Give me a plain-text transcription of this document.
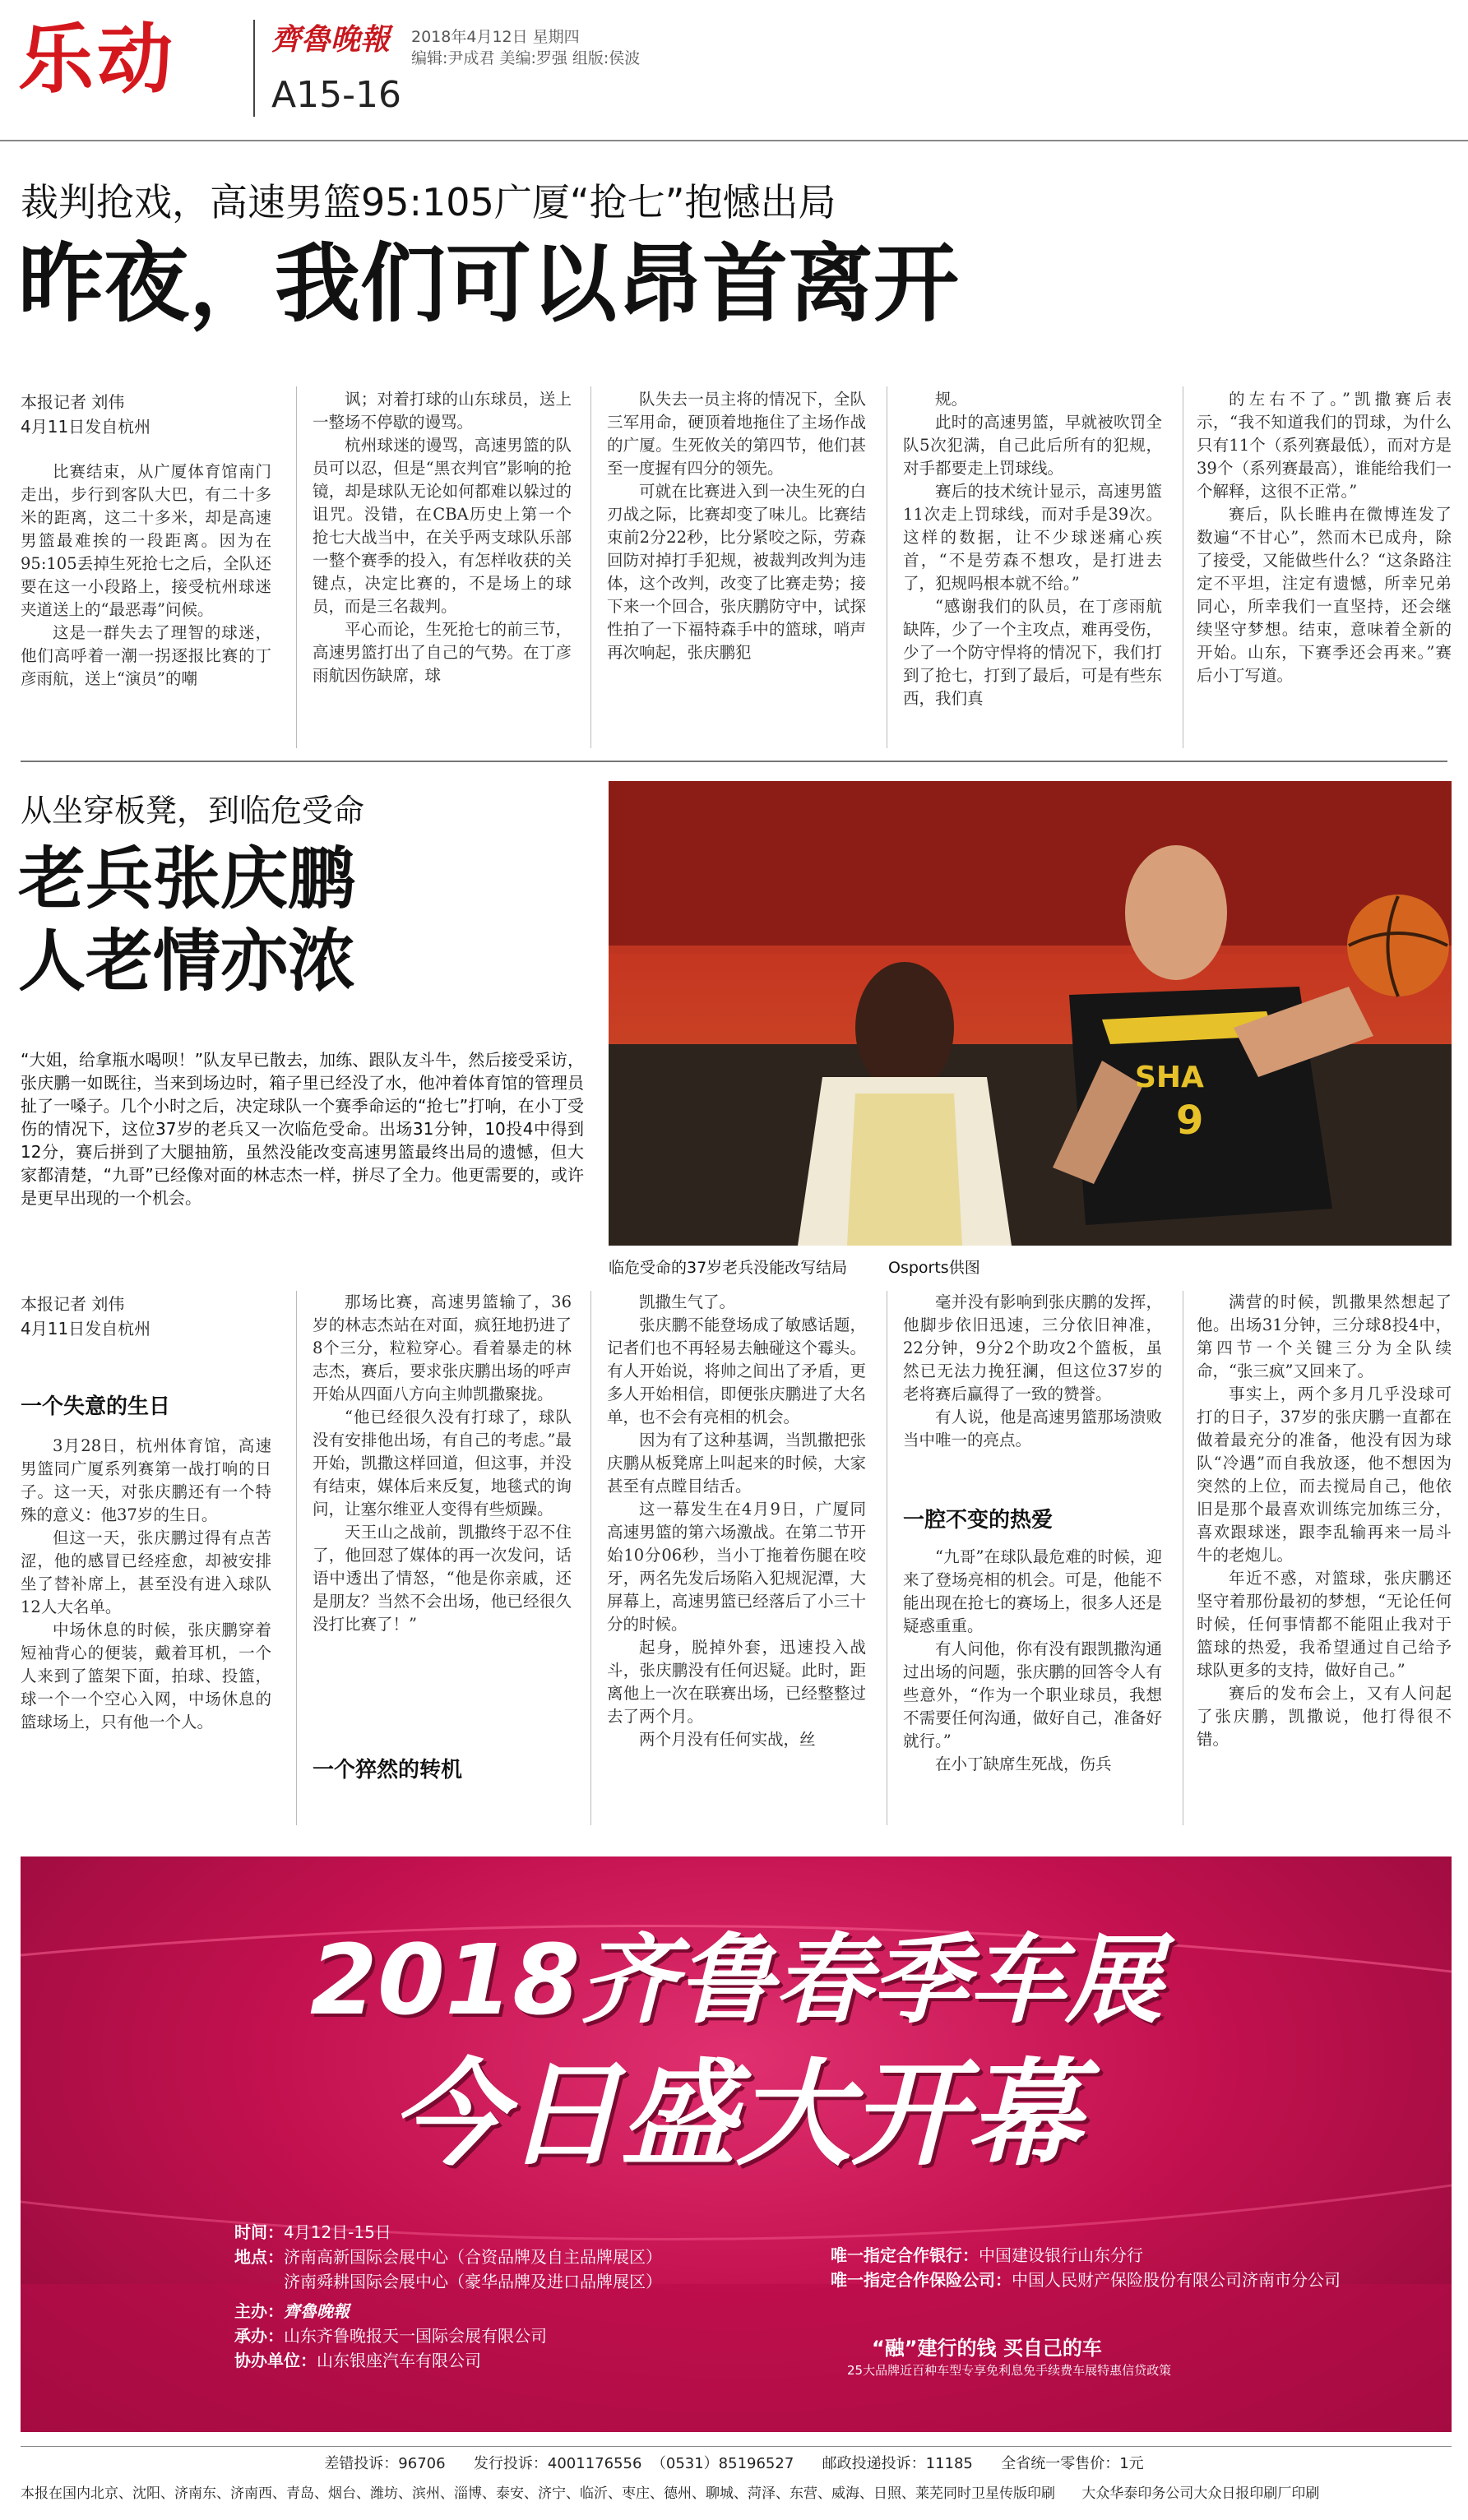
乐动	齊魯晚報
A15-16
2018年4月12日 星期四
编辑:尹成君 美编:罗强 组版:侯波
裁判抢戏，高速男篮95:105广厦“抢七”抱憾出局
昨夜，我们可以昂首离开
本报记者 刘伟
4月11日发自杭州

比赛结束，从广厦体育馆南门走出，步行到客队大巴，有二十多米的距离，这二十多米，却是高速男篮最难挨的一段距离。因为在95:105丢掉生死抢七之后，全队还要在这一小段路上，接受杭州球迷夹道送上的“最恶毒”问候。

这是一群失去了理智的球迷，他们高呼着一潮一拐逐报比赛的丁彦雨航，送上“演员”的嘲

讽；对着打球的山东球员，送上一整场不停歇的谩骂。

杭州球迷的谩骂，高速男篮的队员可以忍，但是“黑衣判官”影响的抢镜，却是球队无论如何都难以躲过的诅咒。没错，在CBA历史上第一个抢七大战当中，在关乎两支球队乐部一整个赛季的投入，有怎样收获的关键点，决定比赛的，不是场上的球员，而是三名裁判。

平心而论，生死抢七的前三节，高速男篮打出了自己的气势。在丁彦雨航因伤缺席，球

队失去一员主将的情况下，全队三军用命，硬顶着地拖住了主场作战的广厦。生死攸关的第四节，他们甚至一度握有四分的领先。

可就在比赛进入到一决生死的白刃战之际，比赛却变了味儿。比赛结束前2分22秒，比分紧咬之际，劳森回防对掉打手犯规，被裁判改判为违体，这个改判，改变了比赛走势；接下来一个回合，张庆鹏防守中，试探性拍了一下福特森手中的篮球，哨声再次响起，张庆鹏犯

规。

此时的高速男篮，早就被吹罚全队5次犯满，自己此后所有的犯规，对手都要走上罚球线。

赛后的技术统计显示，高速男篮11次走上罚球线，而对手是39次。这样的数据，让不少球迷痛心疾首，“不是劳森不想攻，是打进去了，犯规吗根本就不给。”

“感谢我们的队员，在丁彦雨航缺阵，少了一个主攻点，难再受伤，少了一个防守悍将的情况下，我们打到了抢七，打到了最后，可是有些东西，我们真

的左右不了。”凯撒赛后表示，“我不知道我们的罚球，为什么只有11个（系列赛最低），而对方是39个（系列赛最高），谁能给我们一个解释，这很不正常。”

赛后，队长睢冉在微博连发了数遍“不甘心”，然而木已成舟，除了接受，又能做些什么？“这条路注定不平坦，注定有遗憾，所幸兄弟同心，所幸我们一直坚持，还会继续坚守梦想。结束，意味着全新的开始。山东，下赛季还会再来。”赛后小丁写道。

从坐穿板凳，到临危受命
老兵张庆鹏
人老情亦浓
“大姐，给拿瓶水喝呗！”队友早已散去，加练、跟队友斗牛，然后接受采访，张庆鹏一如既往，当来到场边时，箱子里已经没了水，他冲着体育馆的管理员扯了一嗓子。几个小时之后，决定球队一个赛季命运的“抢七”打响，在小丁受伤的情况下，这位37岁的老兵又一次临危受命。出场31分钟，10投4中得到12分，赛后拼到了大腿抽筋，虽然没能改变高速男篮最终出局的遗憾，但大家都清楚，“九哥”已经像对面的林志杰一样，拼尽了全力。他更需要的，或许是更早出现的一个机会。
SHA
9
临危受命的37岁老兵没能改写结局	Osports供图
本报记者 刘伟
4月11日发自杭州
一个失意的生日

3月28日，杭州体育馆，高速男篮同广厦系列赛第一战打响的日子。这一天，对张庆鹏还有一个特殊的意义：他37岁的生日。

但这一天，张庆鹏过得有点苦涩，他的感冒已经痊愈，却被安排坐了替补席上，甚至没有进入球队12人大名单。

中场休息的时候，张庆鹏穿着短袖背心的便装，戴着耳机，一个人来到了篮架下面，拍球、投篮，球一个一个空心入网，中场休息的篮球场上，只有他一个人。

那场比赛，高速男篮输了，36岁的林志杰站在对面，疯狂地扔进了8个三分，粒粒穿心。看着暴走的林志杰，赛后，要求张庆鹏出场的呼声开始从四面八方向主帅凯撒聚拢。

“他已经很久没有打球了，球队没有安排他出场，有自己的考虑。”最开始，凯撒这样回道，但这事，并没有结束，媒体后来反复，地毯式的询问，让塞尔维亚人变得有些烦躁。

天王山之战前，凯撒终于忍不住了，他回怼了媒体的再一次发问，话语中透出了情怒，“他是你亲戚，还是朋友？当然不会出场，他已经很久没打比赛了！”

一个猝然的转机

凯撒生气了。

张庆鹏不能登场成了敏感话题，记者们也不再轻易去触碰这个霉头。有人开始说，将帅之间出了矛盾，更多人开始相信，即便张庆鹏进了大名单，也不会有亮相的机会。

因为有了这种基调，当凯撒把张庆鹏从板凳席上叫起来的时候，大家甚至有点瞠目结舌。

这一幕发生在4月9日，广厦同高速男篮的第六场激战。在第二节开始10分06秒，当小丁拖着伤腿在咬牙，两名先发后场陷入犯规泥潭，大屏幕上，高速男篮已经落后了小三十分的时候。

起身，脱掉外套，迅速投入战斗，张庆鹏没有任何迟疑。此时，距离他上一次在联赛出场，已经整整过去了两个月。

两个月没有任何实战，丝

毫并没有影响到张庆鹏的发挥，他脚步依旧迅速，三分依旧神准，22分钟，9分2个助攻2个篮板，虽然已无法力挽狂澜，但这位37岁的老将赛后赢得了一致的赞誉。

有人说，他是高速男篮那场溃败当中唯一的亮点。

一腔不变的热爱

“九哥”在球队最危难的时候，迎来了登场亮相的机会。可是，他能不能出现在抢七的赛场上，很多人还是疑惑重重。

有人问他，你有没有跟凯撒沟通过出场的问题，张庆鹏的回答令人有些意外，“作为一个职业球员，我想不需要任何沟通，做好自己，准备好就行。”

在小丁缺席生死战，伤兵

满营的时候，凯撒果然想起了他。出场31分钟，三分球8投4中，第四节一个关键三分为全队续命，“张三疯”又回来了。

事实上，两个多月几乎没球可打的日子，37岁的张庆鹏一直都在做着最充分的准备，他没有因为球队“冷遇”而自我放逐，他不想因为突然的上位，而去搅局自己，他依旧是那个最喜欢训练完加练三分，喜欢跟球迷，跟李乱输再来一局斗牛的老炮儿。

年近不惑，对篮球，张庆鹏还坚守着那份最初的梦想，“无论任何时候，任何事情都不能阻止我对于篮球的热爱，我希望通过自己给予球队更多的支持，做好自己。”

赛后的发布会上，又有人问起了张庆鹏，凯撒说，他打得很不错。

2018齐鲁春季车展
今日盛大开幕
时间：4月12日-15日
地点：济南高新国际会展中心（合资品牌及自主品牌展区）
济南舜耕国际会展中心（豪华品牌及进口品牌展区）
主办：齊魯晚報
承办：山东齐鲁晚报天一国际会展有限公司
协办单位：山东银座汽车有限公司
唯一指定合作银行：中国建设银行山东分行
唯一指定合作保险公司：中国人民财产保险股份有限公司济南市分公司
“融”建行的钱 买自己的车
25大品牌近百种车型专享免利息免手续费车展特惠信贷政策
差错投诉：96706      发行投诉：4001176556  （0531）85196527      邮政投递投诉：11185      全省统一零售价：1元
本报在国内北京、沈阳、济南东、济南西、青岛、烟台、潍坊、滨州、淄博、泰安、济宁、临沂、枣庄、德州、聊城、菏泽、东营、威海、日照、莱芜同时卫星传版印刷      大众华泰印务公司大众日报印刷厂印刷
